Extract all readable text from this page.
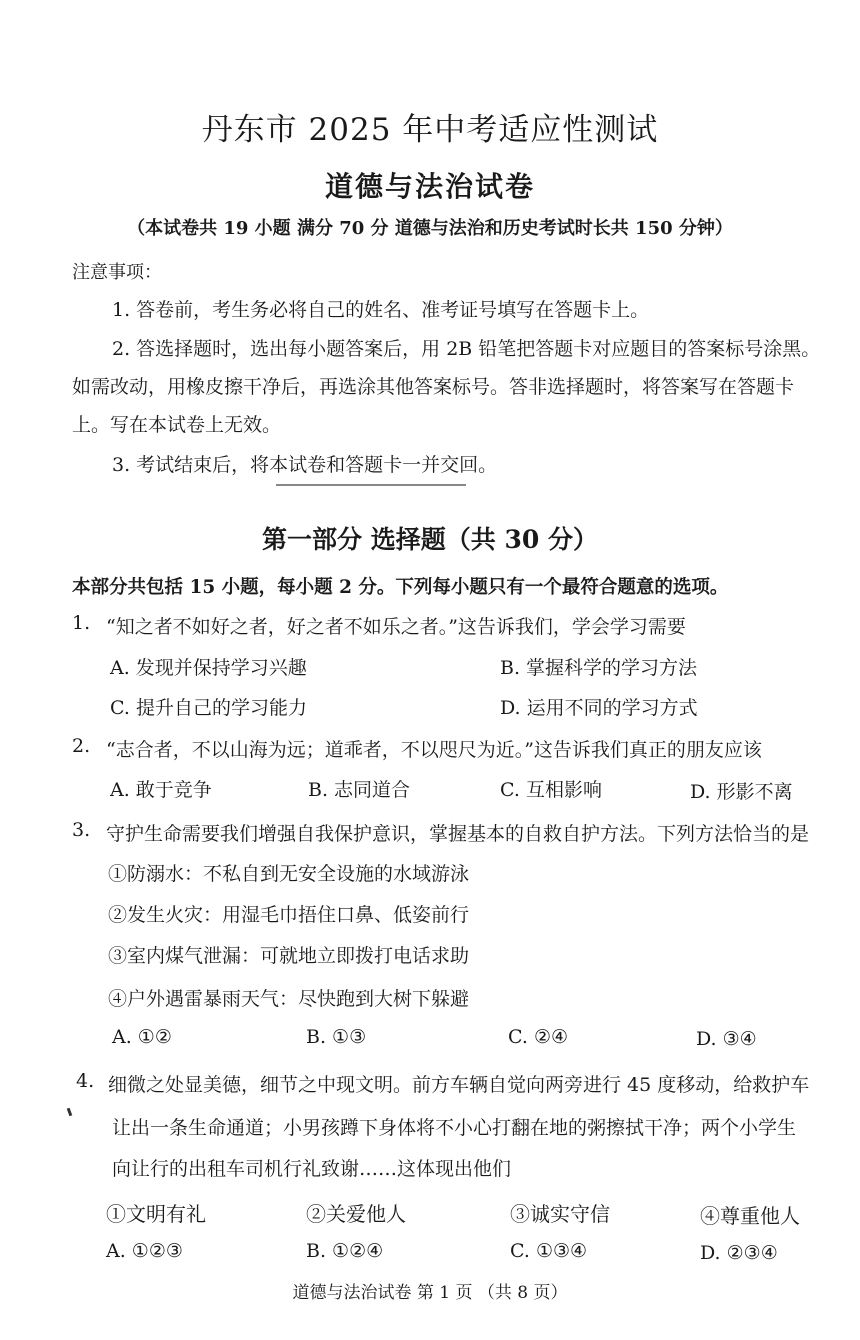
丹东市 2025 年中考适应性测试
道德与法治试卷
（本试卷共 19 小题 满分 70 分 道德与法治和历史考试时长共 150 分钟）
注意事项：
1. 答卷前，考生务必将自己的姓名、准考证号填写在答题卡上。
2. 答选择题时，选出每小题答案后，用 2B 铅笔把答题卡对应题目的答案标号涂黑。
如需改动，用橡皮擦干净后，再选涂其他答案标号。答非选择题时，将答案写在答题卡
上。写在本试卷上无效。
3. 考试结束后，将本试卷和答题卡一并交回。
第一部分 选择题（共 30 分）
本部分共包括 15 小题，每小题 2 分。下列每小题只有一个最符合题意的选项。
1. “知之者不如好之者，好之者不如乐之者。”这告诉我们，学会学习需要
A. 发现并保持学习兴趣	B. 掌握科学的学习方法
C. 提升自己的学习能力	D. 运用不同的学习方式
2. “志合者，不以山海为远；道乖者，不以咫尺为近。”这告诉我们真正的朋友应该
A. 敢于竞争	B. 志同道合	C. 互相影响	D. 形影不离
3. 守护生命需要我们增强自我保护意识，掌握基本的自救自护方法。下列方法恰当的是
①防溺水：不私自到无安全设施的水域游泳
②发生火灾：用湿毛巾捂住口鼻、低姿前行
③室内煤气泄漏：可就地立即拨打电话求助
④户外遇雷暴雨天气：尽快跑到大树下躲避
A. ①②	B. ①③	C. ②④	D. ③④
4. 细微之处显美德，细节之中现文明。前方车辆自觉向两旁进行 45 度移动，给救护车
让出一条生命通道；小男孩蹲下身体将不小心打翻在地的粥擦拭干净；两个小学生
向让行的出租车司机行礼致谢……这体现出他们
①文明有礼	②关爱他人	③诚实守信	④尊重他人
A. ①②③	B. ①②④	C. ①③④	D. ②③④
道德与法治试卷 第 1 页 （共 8 页）
